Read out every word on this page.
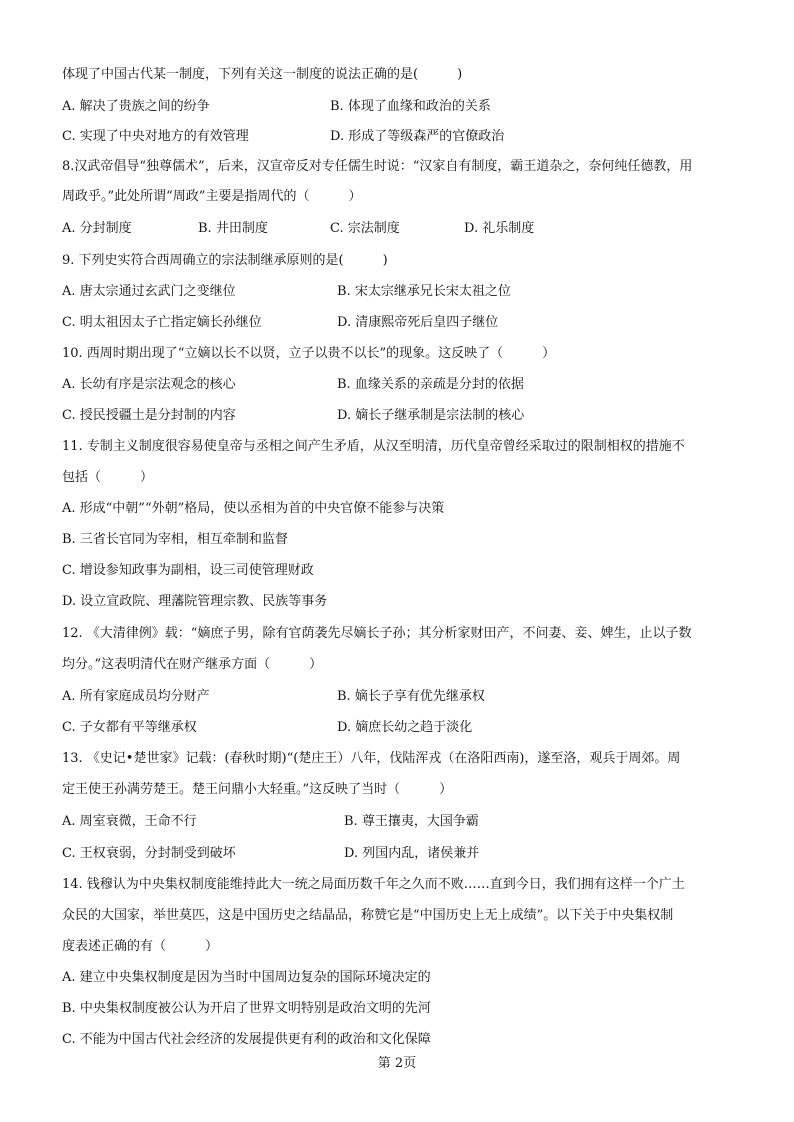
体现了中国古代某一制度，下列有关这一制度的说法正确的是(　　　)
A. 解决了贵族之间的纷争	B. 体现了血缘和政治的关系
C. 实现了中央对地方的有效管理	D. 形成了等级森严的官僚政治
8.汉武帝倡导“独尊儒术”，后来，汉宣帝反对专任儒生时说：“汉家自有制度，霸王道杂之，奈何纯任德教，用
周政乎。”此处所谓“周政”主要是指周代的（　　　）
A. 分封制度	B. 井田制度	C. 宗法制度	D. 礼乐制度
9. 下列史实符合西周确立的宗法制继承原则的是(　　　)
A. 唐太宗通过玄武门之变继位	B. 宋太宗继承兄长宋太祖之位
C. 明太祖因太子亡指定嫡长孙继位	D. 清康熙帝死后皇四子继位
10. 西周时期出现了“立嫡以长不以贤，立子以贵不以长”的现象。这反映了（　　　）
A. 长幼有序是宗法观念的核心	B. 血缘关系的亲疏是分封的依据
C. 授民授疆土是分封制的内容	D. 嫡长子继承制是宗法制的核心
11. 专制主义制度很容易使皇帝与丞相之间产生矛盾，从汉至明清，历代皇帝曾经采取过的限制相权的措施不
包括（　　　）
A. 形成“中朝”“外朝”格局，使以丞相为首的中央官僚不能参与决策
B. 三省长官同为宰相，相互牵制和监督
C. 增设参知政事为副相，设三司使管理财政
D. 设立宣政院、理藩院管理宗教、民族等事务
12. 《大清律例》载：“嫡庶子男，除有官荫袭先尽嫡长子孙；其分析家财田产，不问妻、妾、婢生，止以子数
均分。”这表明清代在财产继承方面（　　　）
A. 所有家庭成员均分财产	B. 嫡长子享有优先继承权
C. 子女都有平等继承权	D. 嫡庶长幼之趋于淡化
13. 《史记•楚世家》记载：(春秋时期)“(楚庄王）八年，伐陆浑戎（在洛阳西南)，遂至洛，观兵于周郊。周
定王使王孙满劳楚王。楚王问鼎小大轻重。”这反映了当时（　　　）
A. 周室衰微，王命不行	B. 尊王攘夷，大国争霸
C. 王权衰弱，分封制受到破坏	D. 列国内乱，诸侯兼并
14. 钱穆认为中央集权制度能维持此大一统之局面历数千年之久而不败……直到今日，我们拥有这样一个广土
众民的大国家，举世莫匹，这是中国历史之结晶品，称赞它是“中国历史上无上成绩”。以下关于中央集权制
度表述正确的有（　　　）
A. 建立中央集权制度是因为当时中国周边复杂的国际环境决定的
B. 中央集权制度被公认为开启了世界文明特别是政治文明的先河
C. 不能为中国古代社会经济的发展提供更有利的政治和文化保障
第 2页
